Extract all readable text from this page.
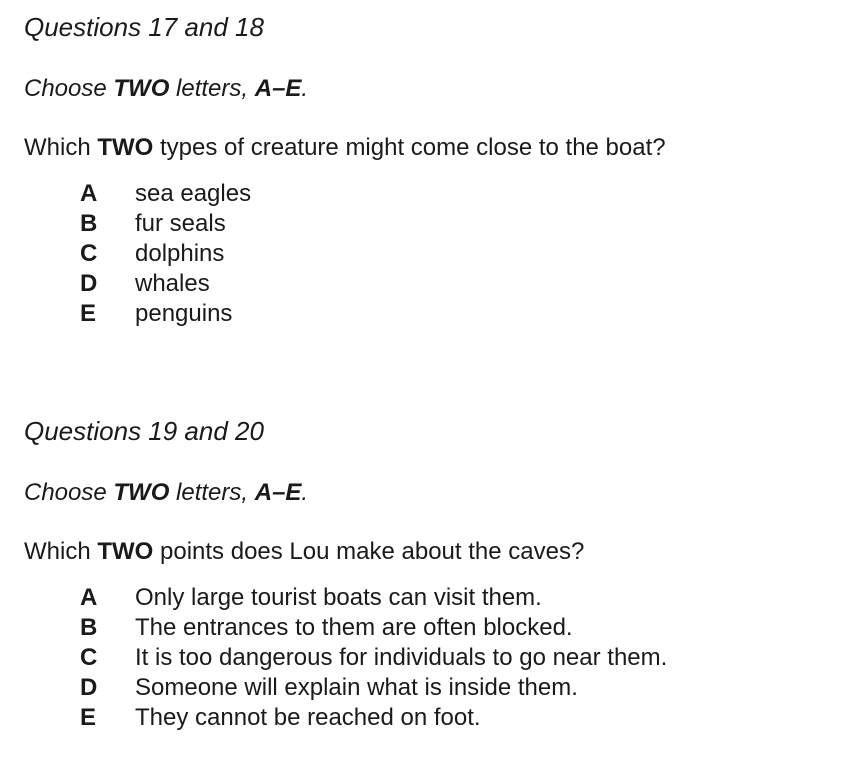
Questions 17 and 18
Choose TWO letters, A–E.
Which TWO types of creature might come close to the boat?
A	sea eagles
B	fur seals
C	dolphins
D	whales
E	penguins
Questions 19 and 20
Choose TWO letters, A–E.
Which TWO points does Lou make about the caves?
A	Only large tourist boats can visit them.
B	The entrances to them are often blocked.
C	It is too dangerous for individuals to go near them.
D	Someone will explain what is inside them.
E	They cannot be reached on foot.
